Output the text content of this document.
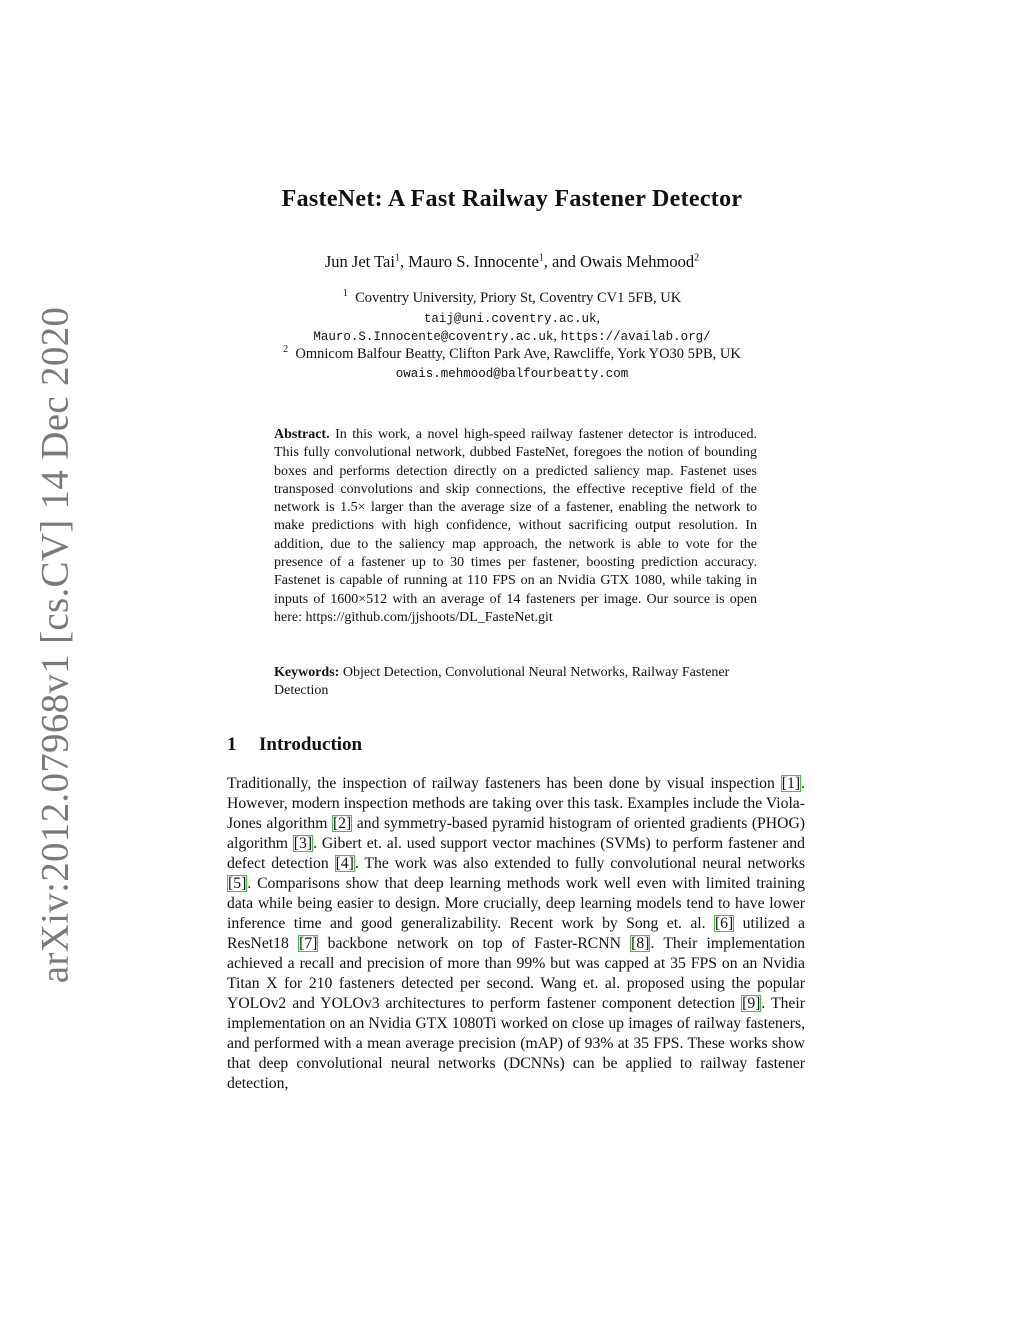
arXiv:2012.07968v1 [cs.CV] 14 Dec 2020
FasteNet: A Fast Railway Fastener Detector
Jun Jet Tai$^1$, Mauro S. Innocente$^1$, and Owais Mehmood$^2$
$^1$ Coventry University, Priory St, Coventry CV1 5FB, UK
taij@uni.coventry.ac.uk,
Mauro.S.Innocente@coventry.ac.uk, https://availab.org/
$^2$ Omnicom Balfour Beatty, Clifton Park Ave, Rawcliffe, York YO30 5PB, UK
owais.mehmood@balfourbeatty.com
Abstract. In this work, a novel high-speed railway fastener detector is introduced. This fully convolutional network, dubbed FasteNet, foregoes the notion of bounding boxes and performs detection directly on a predicted saliency map. Fastenet uses transposed convolutions and skip connections, the effective receptive field of the network is 1.5× larger than the average size of a fastener, enabling the network to make predictions with high confidence, without sacrificing output resolution. In addition, due to the saliency map approach, the network is able to vote for the presence of a fastener up to 30 times per fastener, boosting prediction accuracy. Fastenet is capable of running at 110 FPS on an Nvidia GTX 1080, while taking in inputs of 1600×512 with an average of 14 fasteners per image. Our source is open here: https://github.com/jjshoots/DL_FasteNet.git
Keywords: Object Detection, Convolutional Neural Networks, Railway Fastener Detection
1 Introduction
Traditionally, the inspection of railway fasteners has been done by visual inspection [1]. However, modern inspection methods are taking over this task. Examples include the Viola-Jones algorithm [2] and symmetry-based pyramid histogram of oriented gradients (PHOG) algorithm [3]. Gibert et. al. used support vector machines (SVMs) to perform fastener and defect detection [4]. The work was also extended to fully convolutional neural networks [5]. Comparisons show that deep learning methods work well even with limited training data while being easier to design. More crucially, deep learning models tend to have lower inference time and good generalizability. Recent work by Song et. al. [6] utilized a ResNet18 [7] backbone network on top of Faster-RCNN [8]. Their implementation achieved a recall and precision of more than 99% but was capped at 35 FPS on an Nvidia Titan X for 210 fasteners detected per second. Wang et. al. proposed using the popular YOLOv2 and YOLOv3 architectures to perform fastener component detection [9]. Their implementation on an Nvidia GTX 1080Ti worked on close up images of railway fasteners, and performed with a mean average precision (mAP) of 93% at 35 FPS. These works show that deep convolutional neural networks (DCNNs) can be applied to railway fastener detection,
